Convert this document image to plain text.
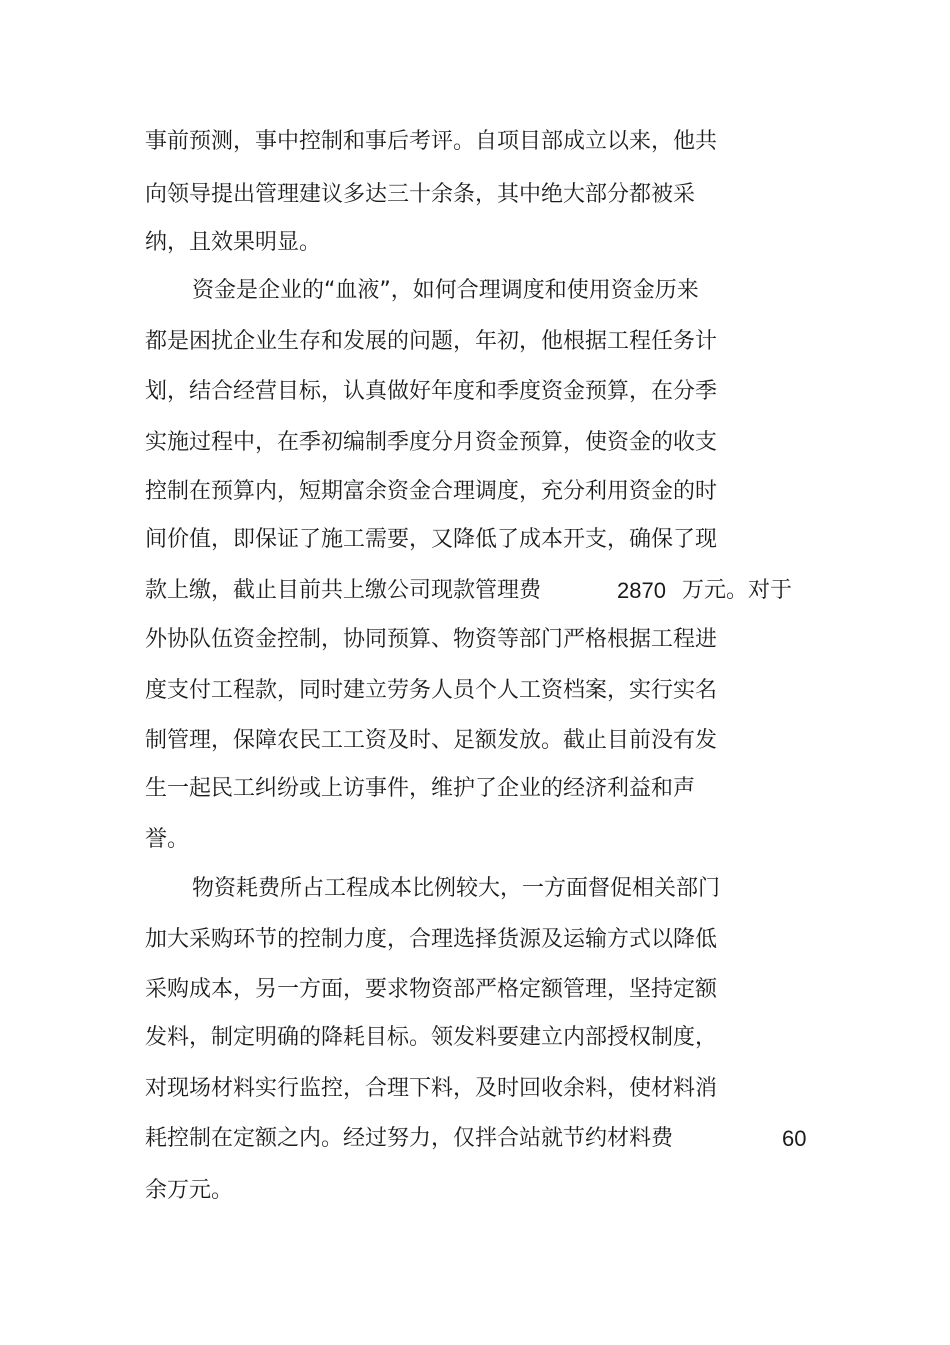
事前预测，事中控制和事后考评。自项目部成立以来，他共
向领导提出管理建议多达三十余条，其中绝大部分都被采
纳，且效果明显。
资金是企业的“血液”，如何合理调度和使用资金历来
都是困扰企业生存和发展的问题，年初，他根据工程任务计
划，结合经营目标，认真做好年度和季度资金预算，在分季
实施过程中，在季初编制季度分月资金预算，使资金的收支
控制在预算内，短期富余资金合理调度，充分利用资金的时
间价值，即保证了施工需要，又降低了成本开支，确保了现
款上缴，截止目前共上缴公司现款管理费	2870 万元。对于
外协队伍资金控制，协同预算、物资等部门严格根据工程进
度支付工程款，同时建立劳务人员个人工资档案，实行实名
制管理，保障农民工工资及时、足额发放。截止目前没有发
生一起民工纠纷或上访事件，维护了企业的经济利益和声
誉。
物资耗费所占工程成本比例较大，一方面督促相关部门
加大采购环节的控制力度，合理选择货源及运输方式以降低
采购成本，另一方面，要求物资部严格定额管理，坚持定额
发料，制定明确的降耗目标。领发料要建立内部授权制度，
对现场材料实行监控，合理下料，及时回收余料，使材料消
耗控制在定额之内。经过努力，仅拌合站就节约材料费	60
余万元。
